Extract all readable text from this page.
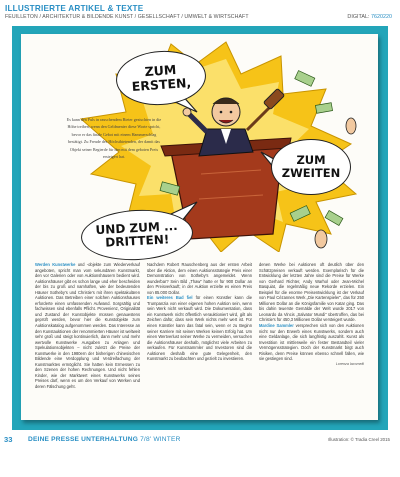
ILLUSTRIERTE ARTIKEL & TEXTE
FEUILLETON / ARCHITEKTUR & BILDENDE KUNST / GESELLSCHAFT / UMWELT & WIRTSCHAFT	DIGITAL: 7620220
Es kann den Puls in rauschendem Bieter gezischten in die Höhe treiben, wenn den Geldmenier diese Worte spricht, bevor er das finale Gebot mit einem Hammerschlag bestätigt. Zu Freude des Höchstbietenden, der damit das Objekt seiner Begierde für den mit dem geboten Preis ersteigert hat.
ZUM ERSTEN,
ZUM ZWEITEN
UND ZUM ... DRITTEN!
Werden Kunstwerke und -objekte zum Wiederverkauf angeboten, spricht man vom sekundären Kunstmarkt, den vor Galerien oder von Auktionshäusern bedient wird. Auktionshäuser gibt es schon lange und eher bescheiden der bis zu groß und namhaften, wie der bedeutenden Häuser Sotheby's und Christie's mit ihren spektakulären Auktionen. Das Betreiben einer solchen Auktionshauses erforderte einen umfassenden Aufwand. Sorgsältig und fachwissen sind ebenfalls Pflicht. Provenienz, Originalität und Zustand der Kunstobjekte müssen genauestens geprüft werden, bevor hier die Kunstobjekte zum Auktionskatalog aufgenommen werden. Das Interesse an den Kunstauktionen der renommierten Häuser ist weltweit sehr groß und steigt kontinuierlich, dann mehr und mehr wertvolle Kunstwerke Ausgaben zu Anlagen und Spekulationsobjekten – nicht zuletzt die Preise der Kunstwerke in den 1980ern der bisherigen chinesischen Bildende eine Verdopplung und Verdreifachung der Kunstmarktes ermöglicht. Sie hatten kein Ermessen zu den Szenen der hohen Rechnungen. Und nicht fehlen Kinder, wie der Marktwert eines Kunstwerks seines Preises darf, wenn es um den Verkauf von Werken und deren Fälschung geht.
Nachdem Robert Rauschenberg aus der ersten Arbeit über die Aktion, dem einen Auktionsstrategie Preis einer Demonstration von Sotheby's angemeldet. Wenn wunderbar? Sein Bild „Thaw“ hatte er für 900 Dollar an den Preisverkauft; in der Auktion erzielte es einen Preis von 85.000 Dollar.
Ein weiteres Bad fiel für einen Künstler kann die Trumpanzia von einer eigenen hohen Auktion sein, wenn sein Werk nicht verkauft wird. Die Dokumentation, dass ein Kunstwerk nicht öffentlich verauktioniert wird, gilt als Zeichen dafür, dass sein Werk nichts mehr wert ist. Für einen Künstler kann das fatal sein, wenn er zu Beginn seiner Karriere mit seinen Werken keinen Erfolg hat. Um einen Wertverlust seiner Werke zu vermeiden, versuchen die Auktionshäuser deshalb, möglichst viele Arbeiten zu verkaufen. Für Kunstsammler und Investoren sind die Auktionen deshalb eine gute Gelegenheit, den Kunstmarkt zu beobachten und gezielt zu investieren.
denen Werke bei Auktionen oft deutlich über den Schätzpreisen verkauft werden. Exemplarisch für die Entwicklung der letzten Jahre sind die Preise für Werke von Gerhard Richter, Andy Warhol oder Jean-Michel Basquiat, die regelmäßig neue Rekorde erzielen. Ein Beispiel für die enorme Preisentwicklung ist der Verkauf von Paul Cézannes Werk „Die Kartenspieler“, das für 250 Millionen Dollar an die Königsfamilie von Katar ging. Das bis dahin teuerste Gemälde der Welt wurde 2017 von Leonardo da Vincis „Salvator Mundi“ übertroffen, das bei Christie's für 450,3 Millionen Dollar versteigert wurde.
Mardine Sammler versprechen sich von den Auktionen nicht nur den Erwerb eines Kunstwerks, sondern auch eine Geldanlage, die sich langfristig auszahlt. Kunst als Investition ist mittlerweile ein fester Bestandteil vieler Vermögensstrategien. Doch der Kunstmarkt birgt auch Risiken, denn Preise können ebenso schnell fallen, wie sie gestiegen sind.
Lorenza Iacomelli
33 DEINE PRESSE UNTERHALTUNG 7/8' WINTER	Illustration: © Tradia Creel 2015
